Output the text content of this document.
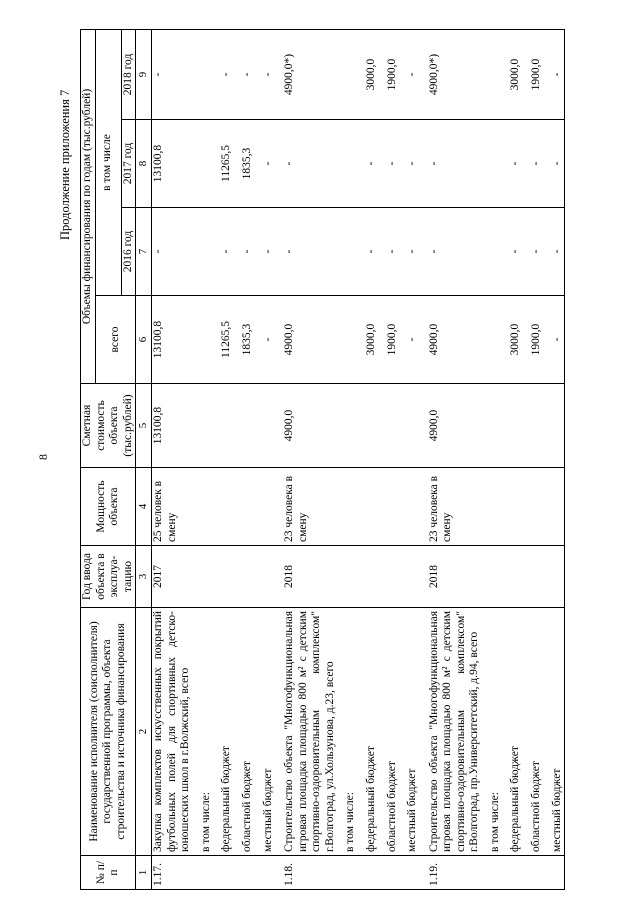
8
Продолжение приложения 7
№ п/п	Наименование исполнителя (соисполнителя) государственной программы, объекта строительства и источника финансирования	Год ввода объекта в эксплуа- тацию	Мощность объекта	Сметная стоимость объекта (тыс.рублей)	Объемы финансирования по годам (тыс.рублей)			
					всего	в том числе		
						2016 год	2017 год	2018 год
1	2	3	4	5	6	7	8	9
1.17.	Закупка комплектов искусственных покрытий футбольных полей для спортивных детско-юношеских школ в г.Волжский, всего	2017	25 человек в смену	13100,8	13100,8	-	13100,8	-
	в том числе:							
	федеральный бюджет				11265,5	-	11265,5	-
	областной бюджет				1835,3	-	1835,3	-
	местный бюджет				-	-	-	-

1.18.	Строительство объекта "Многофункциональная игровая площадка площадью 800 м² с детским спортивно-оздоровительным комплексом" г.Волгоград, ул.Хользунова, д.23, всего	2018	23 человека в смену	4900,0	4900,0	-	-	4900,0*)
	в том числе:							
	федеральный бюджет				3000,0	-	-	3000,0
	областной бюджет				1900,0	-	-	1900,0
	местный бюджет				-	-	-	-

1.19.	Строительство объекта "Многофункциональная игровая площадка площадью 800 м² с детским спортивно-оздоровительным комплексом" г.Волгоград, пр.Университетский, д.94, всего	2018	23 человека в смену	4900,0	4900,0	-	-	4900,0*)
	в том числе:							
	федеральный бюджет				3000,0	-	-	3000,0
	областной бюджет				1900,0	-	-	1900,0
	местный бюджет				-	-	-	-
